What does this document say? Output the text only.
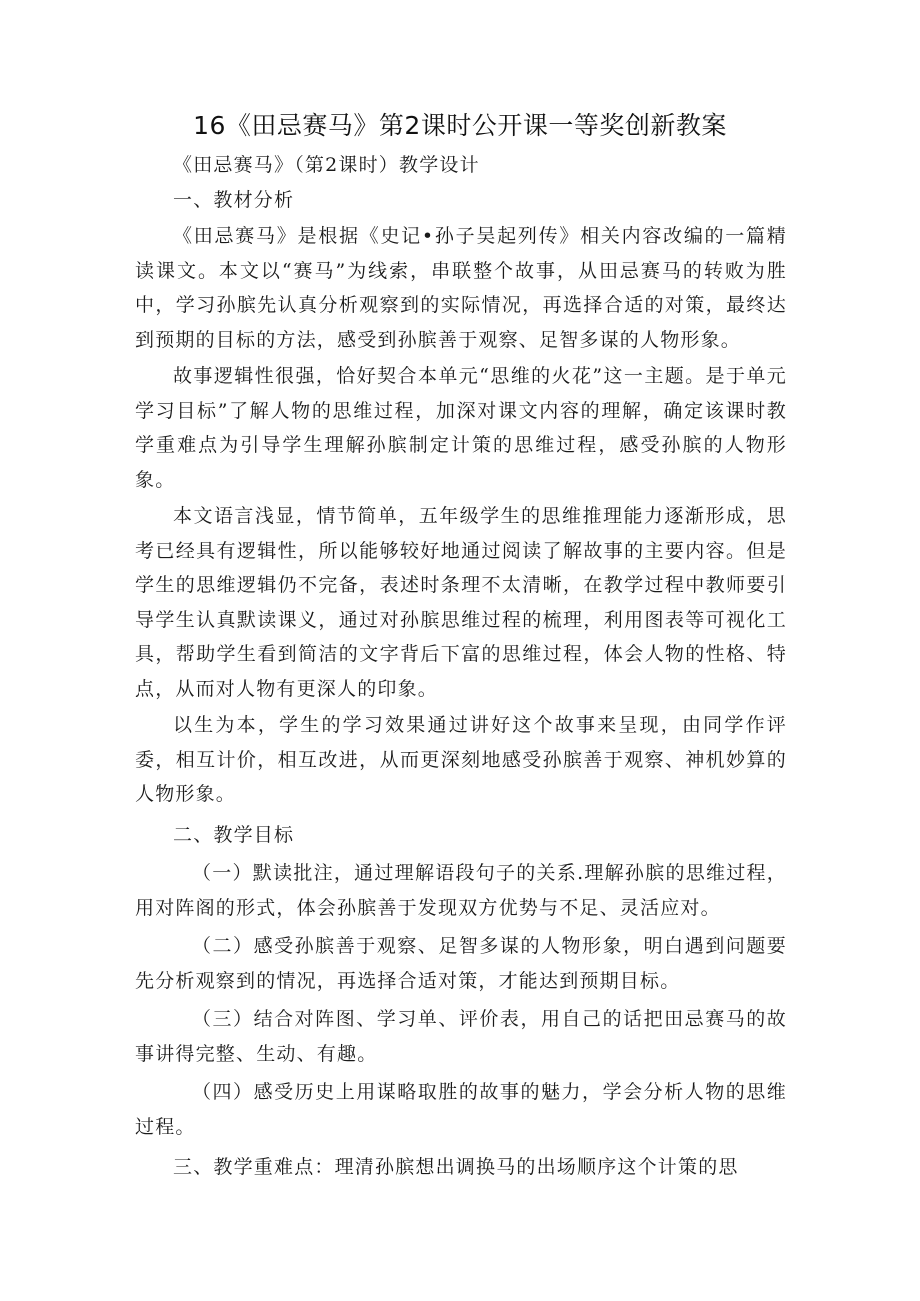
16《田忌赛马》第2课时公开课一等奖创新教案

《田忌赛马》（第2课时）教学设计

一、教材分析

《田忌赛马》是根据《史记•孙子吴起列传》相关内容改编的一篇精读课文。本文以“赛马”为线索，串联整个故事，从田忌赛马的转败为胜中，学习孙膑先认真分析观察到的实际情况，再选择合适的对策，最终达到预期的目标的方法，感受到孙膑善于观察、足智多谋的人物形象。

故事逻辑性很强，恰好契合本单元“思维的火花”这一主题。是于单元学习目标”了解人物的思维过程，加深对课文内容的理解，确定该课时教学重难点为引导学生理解孙膑制定计策的思维过程，感受孙膑的人物形象。

本文语言浅显，情节简单，五年级学生的思维推理能力逐渐形成，思考已经具有逻辑性，所以能够较好地通过阅读了解故事的主要内容。但是学生的思维逻辑仍不完备，表述时条理不太清晰，在教学过程中教师要引导学生认真默读课义，通过对孙膑思维过程的梳理，利用图表等可视化工具，帮助学生看到简洁的文字背后下富的思维过程，体会人物的性格、特点，从而对人物有更深人的印象。

以生为本，学生的学习效果通过讲好这个故事来呈现，由同学作评委，相互计价，相互改进，从而更深刻地感受孙膑善于观察、神机妙算的人物形象。

二、教学目标

（一）默读批注，通过理解语段句子的关系.理解孙膑的思维过程，用对阵阁的形式，体会孙膑善于发现双方优势与不足、灵活应对。

（二）感受孙膑善于观察、足智多谋的人物形象，明白遇到问题要先分析观察到的情况，再选择合适对策，才能达到预期目标。

（三）结合对阵图、学习单、评价表，用自己的话把田忌赛马的故事讲得完整、生动、有趣。

（四）感受历史上用谋略取胜的故事的魅力，学会分析人物的思维过程。

三、教学重难点：理清孙膑想出调换马的出场顺序这个计策的思
